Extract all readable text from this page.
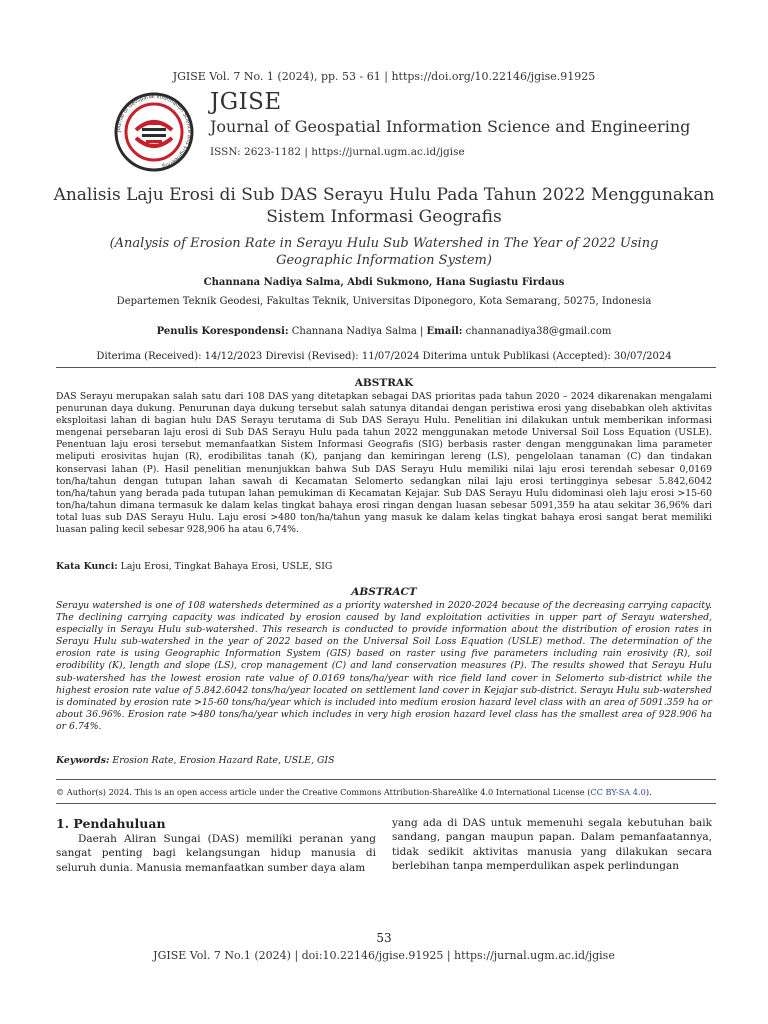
JGISE Vol. 7 No. 1 (2024), pp. 53 - 61 | https://doi.org/10.22146/jgise.91925
Journal of Geospatial Information Science and Engineering
JGISE
Journal of Geospatial Information Science and Engineering
ISSN: 2623-1182 | https://jurnal.ugm.ac.id/jgise
Analisis Laju Erosi di Sub DAS Serayu Hulu Pada Tahun 2022 Menggunakan Sistem Informasi Geografis
(Analysis of Erosion Rate in Serayu Hulu Sub Watershed in The Year of 2022 Using Geographic Information System)
Channana Nadiya Salma, Abdi Sukmono, Hana Sugiastu Firdaus
Departemen Teknik Geodesi, Fakultas Teknik, Universitas Diponegoro, Kota Semarang, 50275, Indonesia
Penulis Korespondensi: Channana Nadiya Salma | Email: channanadiya38@gmail.com
Diterima (Received): 14/12/2023 Direvisi (Revised): 11/07/2024 Diterima untuk Publikasi (Accepted): 30/07/2024
ABSTRAK
DAS Serayu merupakan salah satu dari 108 DAS yang ditetapkan sebagai DAS prioritas pada tahun 2020 – 2024 dikarenakan mengalami penurunan daya dukung. Penurunan daya dukung tersebut salah satunya ditandai dengan peristiwa erosi yang disebabkan oleh aktivitas eksploitasi lahan di bagian hulu DAS Serayu terutama di Sub DAS Serayu Hulu. Penelitian ini dilakukan untuk memberikan informasi mengenai persebaran laju erosi di Sub DAS Serayu Hulu pada tahun 2022 menggunakan metode Universal Soil Loss Equation (USLE). Penentuan laju erosi tersebut memanfaatkan Sistem Informasi Geografis (SIG) berbasis raster dengan menggunakan lima parameter meliputi erosivitas hujan (R), erodibilitas tanah (K), panjang dan kemiringan lereng (LS), pengelolaan tanaman (C) dan tindakan konservasi lahan (P). Hasil penelitian menunjukkan bahwa Sub DAS Serayu Hulu memiliki nilai laju erosi terendah sebesar 0,0169 ton/ha/tahun dengan tutupan lahan sawah di Kecamatan Selomerto sedangkan nilai laju erosi tertingginya sebesar 5.842,6042 ton/ha/tahun yang berada pada tutupan lahan pemukiman di Kecamatan Kejajar. Sub DAS Serayu Hulu didominasi oleh laju erosi >15-60 ton/ha/tahun dimana termasuk ke dalam kelas tingkat bahaya erosi ringan dengan luasan sebesar 5091,359 ha atau sekitar 36,96% dari total luas sub DAS Serayu Hulu. Laju erosi >480 ton/ha/tahun yang masuk ke dalam kelas tingkat bahaya erosi sangat berat memiliki luasan paling kecil sebesar 928,906 ha atau 6,74%.
Kata Kunci: Laju Erosi, Tingkat Bahaya Erosi, USLE, SIG
ABSTRACT
Serayu watershed is one of 108 watersheds determined as a priority watershed in 2020-2024 because of the decreasing carrying capacity. The declining carrying capacity was indicated by erosion caused by land exploitation activities in upper part of Serayu watershed, especially in Serayu Hulu sub-watershed. This research is conducted to provide information about the distribution of erosion rates in Serayu Hulu sub-watershed in the year of 2022 based on the Universal Soil Loss Equation (USLE) method. The determination of the erosion rate is using Geographic Information System (GIS) based on raster using five parameters including rain erosivity (R), soil erodibility (K), length and slope (LS), crop management (C) and land conservation measures (P). The results showed that Serayu Hulu sub-watershed has the lowest erosion rate value of 0.0169 tons/ha/year with rice field land cover in Selomerto sub-district while the highest erosion rate value of 5.842.6042 tons/ha/year located on settlement land cover in Kejajar sub-district. Serayu Hulu sub-watershed is dominated by erosion rate >15-60 tons/ha/year which is included into medium erosion hazard level class with an area of 5091.359 ha or about 36.96%. Erosion rate >480 tons/ha/year which includes in very high erosion hazard level class has the smallest area of 928.906 ha or 6.74%.
Keywords: Erosion Rate, Erosion Hazard Rate, USLE, GIS
© Author(s) 2024. This is an open access article under the Creative Commons Attribution-ShareAlike 4.0 International License (CC BY-SA 4.0).
1. Pendahuluan
Daerah Aliran Sungai (DAS) memiliki peranan yang sangat penting bagi kelangsungan hidup manusia di seluruh dunia. Manusia memanfaatkan sumber daya alam
yang ada di DAS untuk memenuhi segala kebutuhan baik sandang, pangan maupun papan. Dalam pemanfaatannya, tidak sedikit aktivitas manusia yang dilakukan secara berlebihan tanpa memperdulikan aspek perlindungan
53
JGISE Vol. 7 No.1 (2024) | doi:10.22146/jgise.91925 | https://jurnal.ugm.ac.id/jgise
